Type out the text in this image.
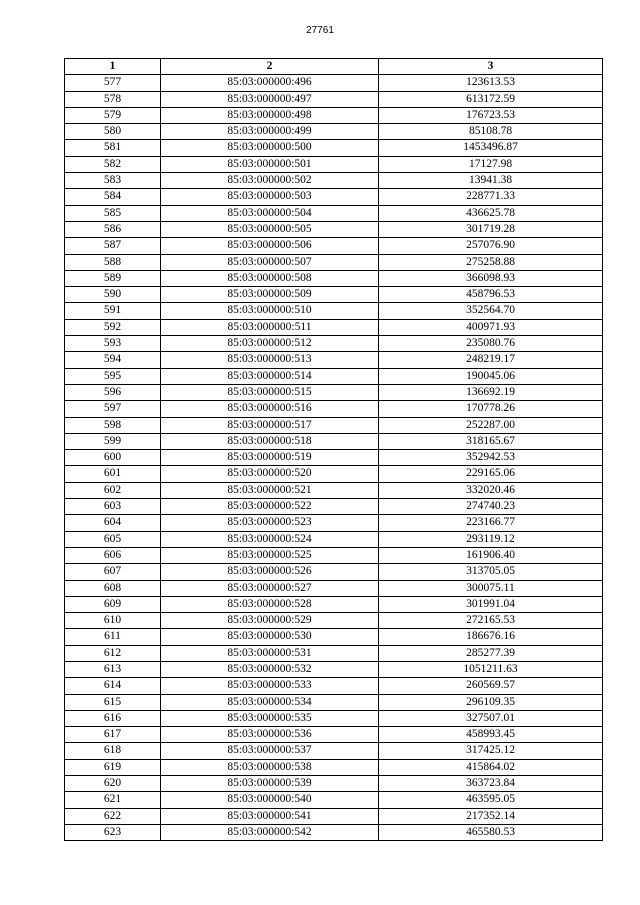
27761
1	2	3
577	85:03:000000:496	123613.53
578	85:03:000000:497	613172.59
579	85:03:000000:498	176723.53
580	85:03:000000:499	85108.78
581	85:03:000000:500	1453496.87
582	85:03:000000:501	17127.98
583	85:03:000000:502	13941.38
584	85:03:000000:503	228771.33
585	85:03:000000:504	436625.78
586	85:03:000000:505	301719.28
587	85:03:000000:506	257076.90
588	85:03:000000:507	275258.88
589	85:03:000000:508	366098.93
590	85:03:000000:509	458796.53
591	85:03:000000:510	352564.70
592	85:03:000000:511	400971.93
593	85:03:000000:512	235080.76
594	85:03:000000:513	248219.17
595	85:03:000000:514	190045.06
596	85:03:000000:515	136692.19
597	85:03:000000:516	170778.26
598	85:03:000000:517	252287.00
599	85:03:000000:518	318165.67
600	85:03:000000:519	352942.53
601	85:03:000000:520	229165.06
602	85:03:000000:521	332020.46
603	85:03:000000:522	274740.23
604	85:03:000000:523	223166.77
605	85:03:000000:524	293119.12
606	85:03:000000:525	161906.40
607	85:03:000000:526	313705.05
608	85:03:000000:527	300075.11
609	85:03:000000:528	301991.04
610	85:03:000000:529	272165.53
611	85:03:000000:530	186676.16
612	85:03:000000:531	285277.39
613	85:03:000000:532	1051211.63
614	85:03:000000:533	260569.57
615	85:03:000000:534	296109.35
616	85:03:000000:535	327507.01
617	85:03:000000:536	458993.45
618	85:03:000000:537	317425.12
619	85:03:000000:538	415864.02
620	85:03:000000:539	363723.84
621	85:03:000000:540	463595.05
622	85:03:000000:541	217352.14
623	85:03:000000:542	465580.53
